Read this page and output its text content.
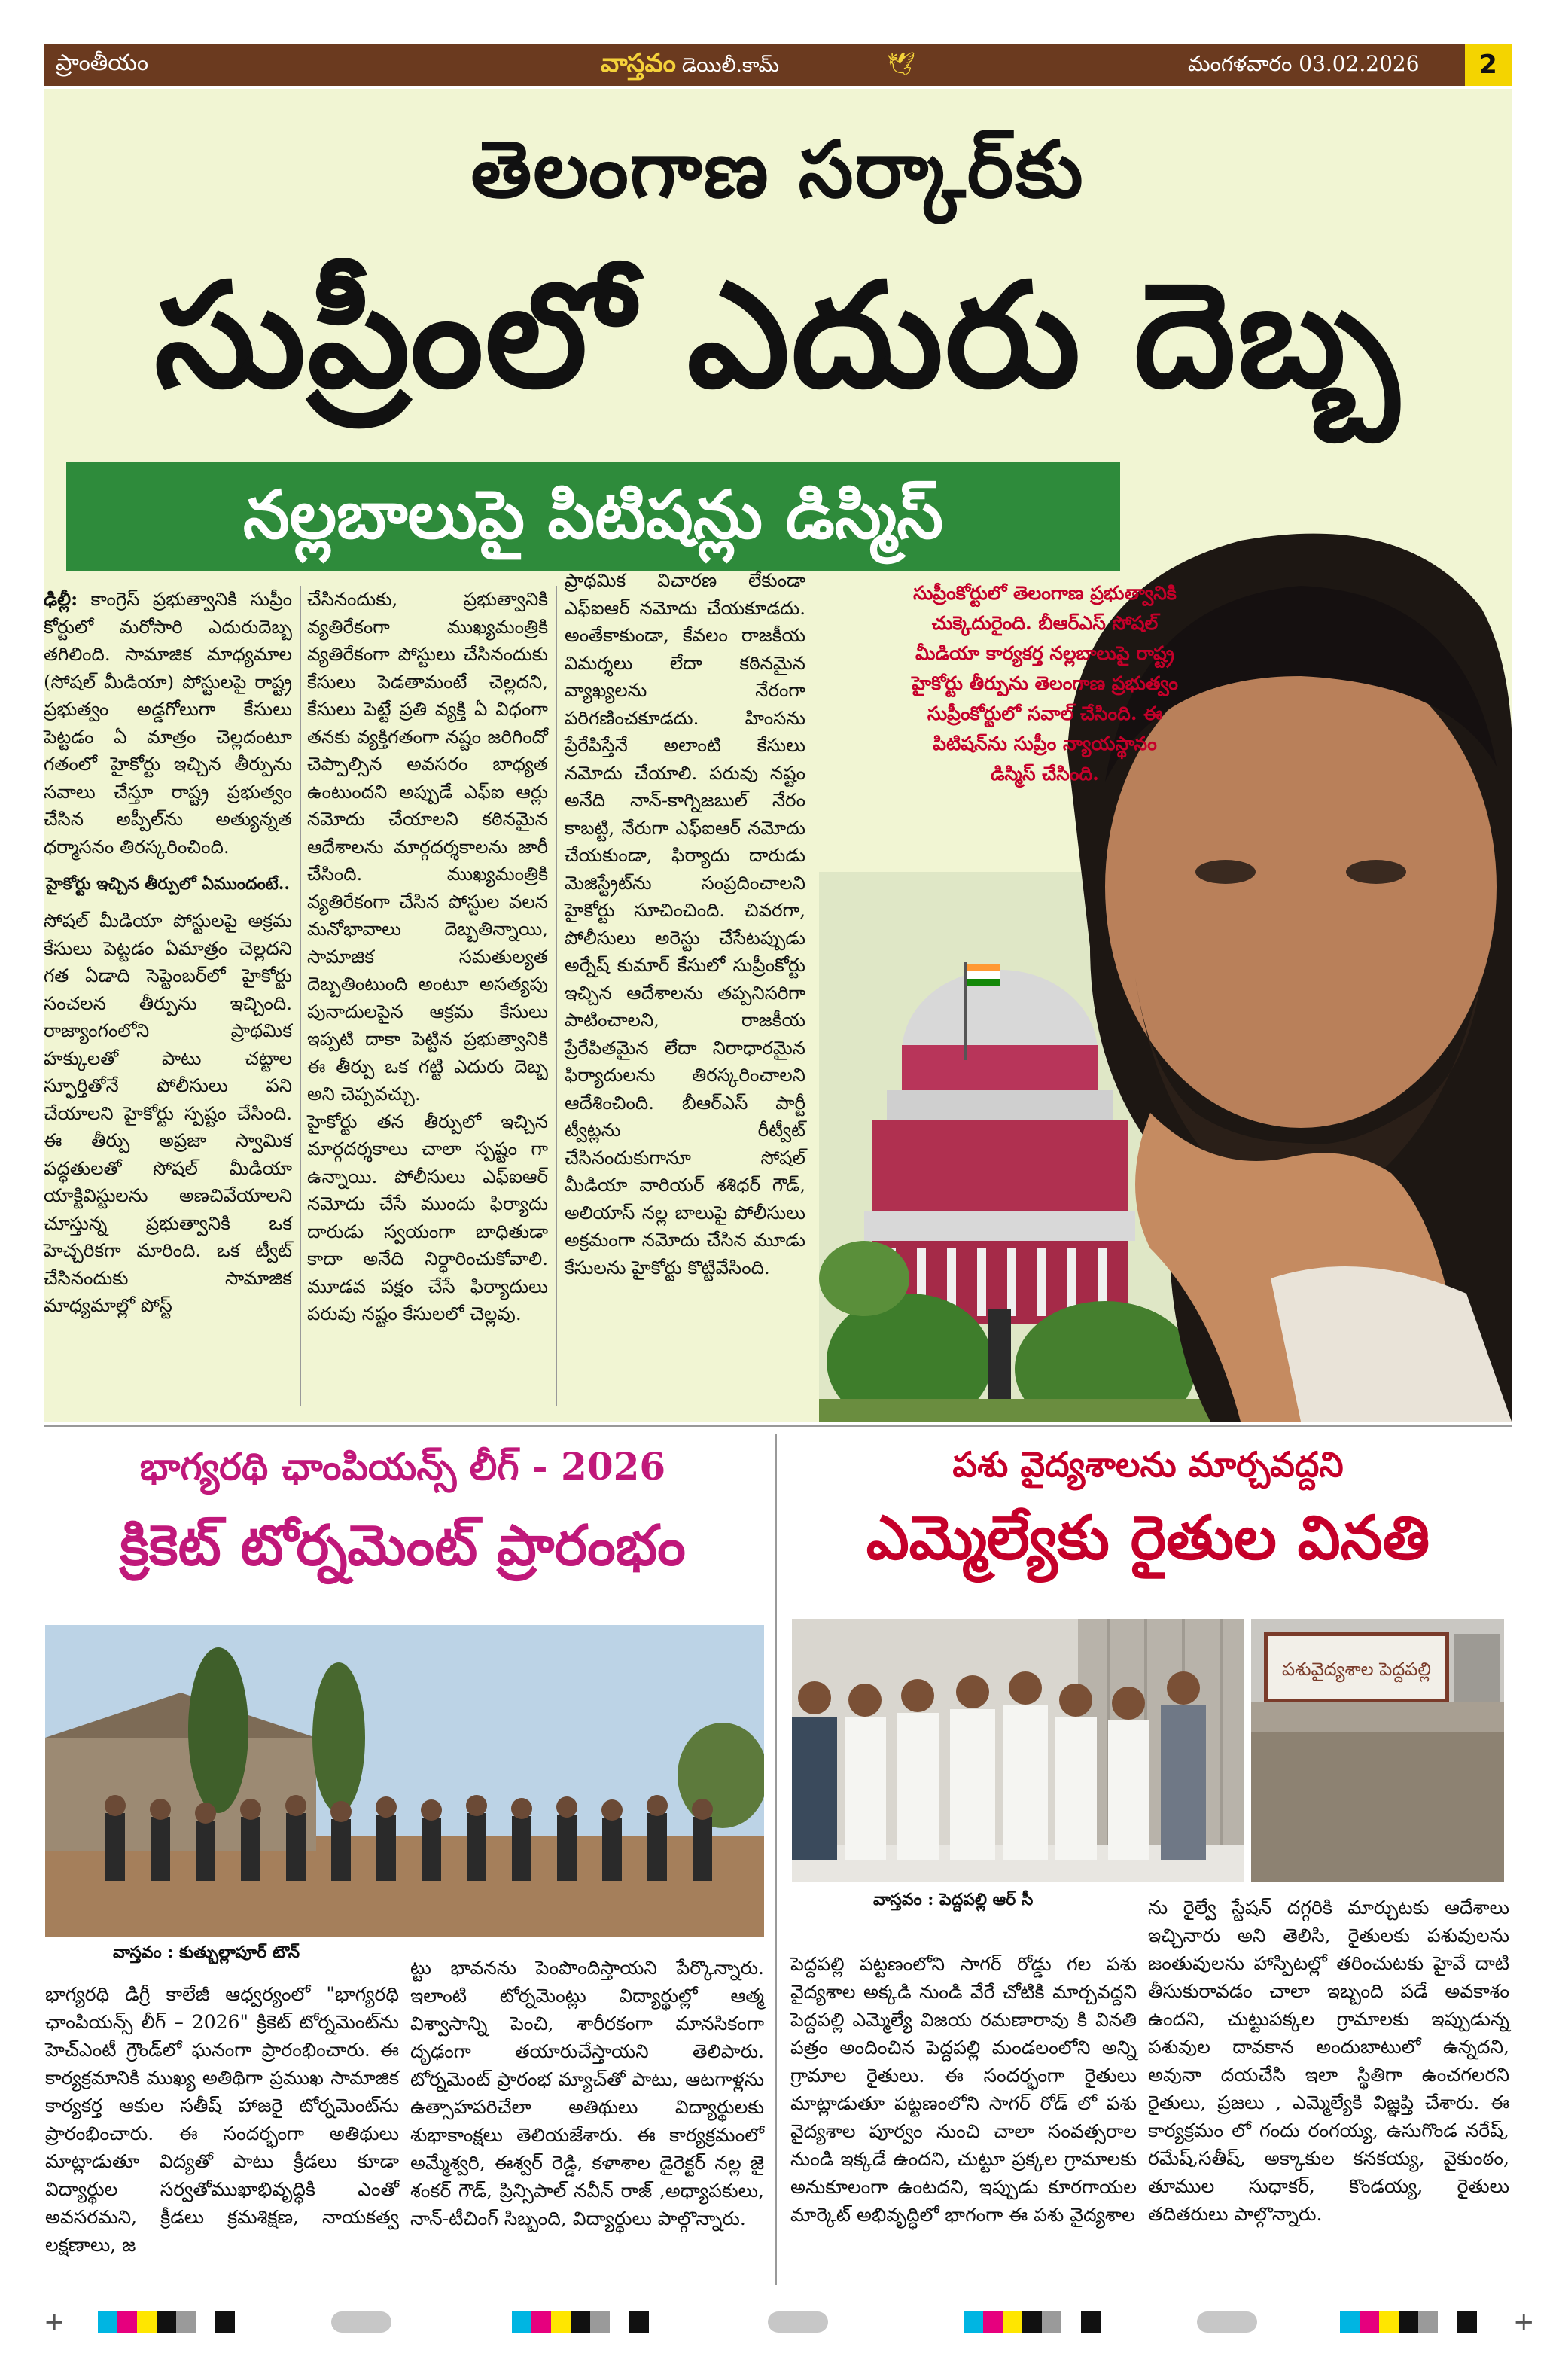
ప్రాంతీయం	వాస్తవం డెయిలీ.కామ్	🕊	మంగళవారం 03.02.2026	2
తెలంగాణ సర్కార్‌కు
సుప్రీంలో ఎదురు దెబ్బ
నల్లబాలుపై పిటిషన్లు డిస్మిస్
సుప్రీంకోర్టులో తెలంగాణ ప్రభుత్వానికి చుక్కెదురైంది. బీఆర్ఎస్ సోషల్ మీడియా కార్యకర్త నల్లబాలుపై రాష్ట్ర హైకోర్టు తీర్పును తెలంగాణ ప్రభుత్వం సుప్రీంకోర్టులో సవాల్ చేసింది. ఈ పిటిషన్‌ను సుప్రీం న్యాయస్థానం డిస్మిస్ చేసింది.

ఢిల్లీ: కాంగ్రెస్ ప్రభుత్వానికి సుప్రీం కోర్టులో మరోసారి ఎదురుదెబ్బ తగిలింది. సామాజిక మాధ్యమాల (సోషల్ మీడియా) పోస్టులపై రాష్ట్ర ప్రభుత్వం అడ్డగోలుగా కేసులు పెట్టడం ఏ మాత్రం చెల్లదంటూ గతంలో హైకోర్టు ఇచ్చిన తీర్పును సవాలు చేస్తూ రాష్ట్ర ప్రభుత్వం చేసిన అప్పీల్‌ను అత్యున్నత ధర్మాసనం తిరస్కరించింది.

హైకోర్టు ఇచ్చిన తీర్పులో ఏముందంటే..

సోషల్ మీడియా పోస్టులపై అక్రమ కేసులు పెట్టడం ఏమాత్రం చెల్లదని గత ఏడాది సెప్టెంబర్‌లో హైకోర్టు సంచలన తీర్పును ఇచ్చింది. రాజ్యాంగంలోని ప్రాథమిక హక్కులతో పాటు చట్టాల స్ఫూర్తితోనే పోలీసులు పని చేయాలని హైకోర్టు స్పష్టం చేసింది. ఈ తీర్పు అప్రజా స్వామిక పద్ధతులతో సోషల్ మీడియా యాక్టివిస్టులను అణచివేయాలని చూస్తున్న ప్రభుత్వానికి ఒక హెచ్చరికగా మారింది. ఒక ట్వీట్ చేసినందుకు సామాజిక మాధ్యమాల్లో పోస్ట్

చేసినందుకు, ప్రభుత్వానికి వ్యతిరేకంగా ముఖ్యమంత్రికి వ్యతిరేకంగా పోస్టులు చేసినందుకు కేసులు పెడతామంటే చెల్లదని, కేసులు పెట్టే ప్రతి వ్యక్తి ఏ విధంగా తనకు వ్యక్తిగతంగా నష్టం జరిగిందో చెప్పాల్సిన అవసరం బాధ్యత ఉంటుందని అప్పుడే ఎఫ్ఐ ఆర్లు నమోదు చేయాలని కఠినమైన ఆదేశాలను మార్గదర్శకాలను జారీ చేసింది. ముఖ్యమంత్రికి వ్యతిరేకంగా చేసిన పోస్టుల వలన మనోభావాలు దెబ్బతిన్నాయి, సామాజిక సమతుల్యత దెబ్బతింటుంది అంటూ అసత్యపు పునాదులపైన ఆక్రమ కేసులు ఇప్పటి దాకా పెట్టిన ప్రభుత్వానికి ఈ తీర్పు ఒక గట్టి ఎదురు దెబ్బ అని చెప్పవచ్చు.

హైకోర్టు తన తీర్పులో ఇచ్చిన మార్గదర్శకాలు చాలా స్పష్టం గా ఉన్నాయి. పోలీసులు ఎఫ్ఐఆర్ నమోదు చేసే ముందు ఫిర్యాదు దారుడు స్వయంగా బాధితుడా కాదా అనేది నిర్ధారించుకోవాలి. మూడవ పక్షం చేసే ఫిర్యాదులు పరువు నష్టం కేసులలో చెల్లవు.

ప్రాథమిక విచారణ లేకుండా ఎఫ్ఐఆర్ నమోదు చేయకూడదు. అంతేకాకుండా, కేవలం రాజకీయ విమర్శలు లేదా కఠినమైన వ్యాఖ్యలను నేరంగా పరిగణించకూడదు. హింసను ప్రేరేపిస్తేనే అలాంటి కేసులు నమోదు చేయాలి. పరువు నష్టం అనేది నాన్-కాగ్నిజబుల్ నేరం కాబట్టి, నేరుగా ఎఫ్ఐఆర్ నమోదు చేయకుండా, ఫిర్యాదు దారుడు మెజిస్ట్రేట్‌ను సంప్రదించాలని హైకోర్టు సూచించింది. చివరగా, పోలీసులు అరెస్టు చేసేటప్పుడు అర్నేష్ కుమార్ కేసులో సుప్రీంకోర్టు ఇచ్చిన ఆదేశాలను తప్పనిసరిగా పాటించాలని, రాజకీయ ప్రేరేపితమైన లేదా నిరాధారమైన ఫిర్యాదులను తిరస్కరించాలని ఆదేశించింది. బీఆర్ఎస్ పార్టీ ట్వీట్లను రీట్వీట్ చేసినందుకుగానూ సోషల్ మీడియా వారియర్ శశిధర్ గౌడ్, అలియాస్ నల్ల బాలుపై పోలీసులు అక్రమంగా నమోదు చేసిన మూడు కేసులను హైకోర్టు కొట్టివేసింది.

భాగ్యరథి ఛాంపియన్స్ లీగ్ - 2026
క్రికెట్ టోర్నమెంట్ ప్రారంభం
వాస్తవం : కుత్బుల్లాపూర్ టౌన్

భాగ్యరథి డిగ్రీ కాలేజీ ఆధ్వర్యంలో "భాగ్యరథి ఛాంపియన్స్ లీగ్ – 2026" క్రికెట్ టోర్నమెంట్‌ను హెచ్ఎంటీ గ్రౌండ్‌లో ఘనంగా ప్రారంభించారు. ఈ కార్యక్రమానికి ముఖ్య అతిథిగా ప్రముఖ సామాజిక కార్యకర్త ఆకుల సతీష్ హాజరై టోర్నమెంట్‌ను ప్రారంభించారు. ఈ సందర్భంగా అతిథులు మాట్లాడుతూ విద్యతో పాటు క్రీడలు కూడా విద్యార్థుల సర్వతోముఖాభివృద్ధికి ఎంతో అవసరమని, క్రీడలు క్రమశిక్షణ, నాయకత్వ లక్షణాలు, జ

ట్టు భావనను పెంపొందిస్తాయని పేర్కొన్నారు. ఇలాంటి టోర్నమెంట్లు విద్యార్థుల్లో ఆత్మ విశ్వాసాన్ని పెంచి, శారీరకంగా మానసికంగా దృఢంగా తయారుచేస్తాయని తెలిపారు. టోర్నమెంట్ ప్రారంభ మ్యాచ్‌తో పాటు, ఆటగాళ్లను ఉత్సాహపరిచేలా అతిథులు విద్యార్థులకు శుభాకాంక్షలు తెలియజేశారు. ఈ కార్యక్రమంలో అమ్మేశ్వరి, ఈశ్వర్ రెడ్డి, కళాశాల డైరెక్టర్ నల్ల జై శంకర్ గౌడ్, ప్రిన్సిపాల్ నవీన్ రాజ్ ,అధ్యాపకులు, నాన్-టీచింగ్ సిబ్బంది, విద్యార్థులు పాల్గొన్నారు.

పశు వైద్యశాలను మార్చవద్దని
ఎమ్మెల్యేకు రైతుల వినతి
పశువైద్యశాల పెద్దపల్లి
వాస్తవం : పెద్దపల్లి ఆర్ సీ

పెద్దపల్లి పట్టణంలోని సాగర్ రోడ్డు గల పశు వైద్యశాల అక్కడి నుండి వేరే చోటికి మార్చవద్దని పెద్దపల్లి ఎమ్మెల్యే విజయ రమణారావు కి వినతి పత్రం అందించిన పెద్దపల్లి మండలంలోని అన్ని గ్రామాల రైతులు. ఈ సందర్భంగా రైతులు మాట్లాడుతూ పట్టణంలోని సాగర్ రోడ్ లో పశు వైద్యశాల పూర్వం నుంచి చాలా సంవత్సరాల నుండి ఇక్కడే ఉందని, చుట్టూ ప్రక్కల గ్రామాలకు అనుకూలంగా ఉంటదని, ఇప్పుడు కూరగాయల మార్కెట్ అభివృద్ధిలో భాగంగా ఈ పశు వైద్యశాల

ను రైల్వే స్టేషన్ దగ్గరికి మార్చుటకు ఆదేశాలు ఇచ్చినారు అని తెలిసి, రైతులకు పశువులను జంతువులను హాస్పిటల్లో తరించుటకు హైవే దాటి తీసుకురావడం చాలా ఇబ్బంది పడే అవకాశం ఉందని, చుట్టుపక్కల గ్రామాలకు ఇప్పుడున్న పశువుల దావకాన అందుబాటులో ఉన్నదని, అవునా దయచేసి ఇలా స్థితిగా ఉంచగలరని రైతులు, ప్రజలు , ఎమ్మెల్యేకి విజ్ఞప్తి చేశారు. ఈ కార్యక్రమం లో గందు రంగయ్య, ఉసుగొండ నరేష్, రమేష్,సతీష్, అక్కాకుల కనకయ్య, వైకుంఠం, తూముల సుధాకర్, కొండయ్య, రైతులు తదితరులు పాల్గొన్నారు.

+	+
